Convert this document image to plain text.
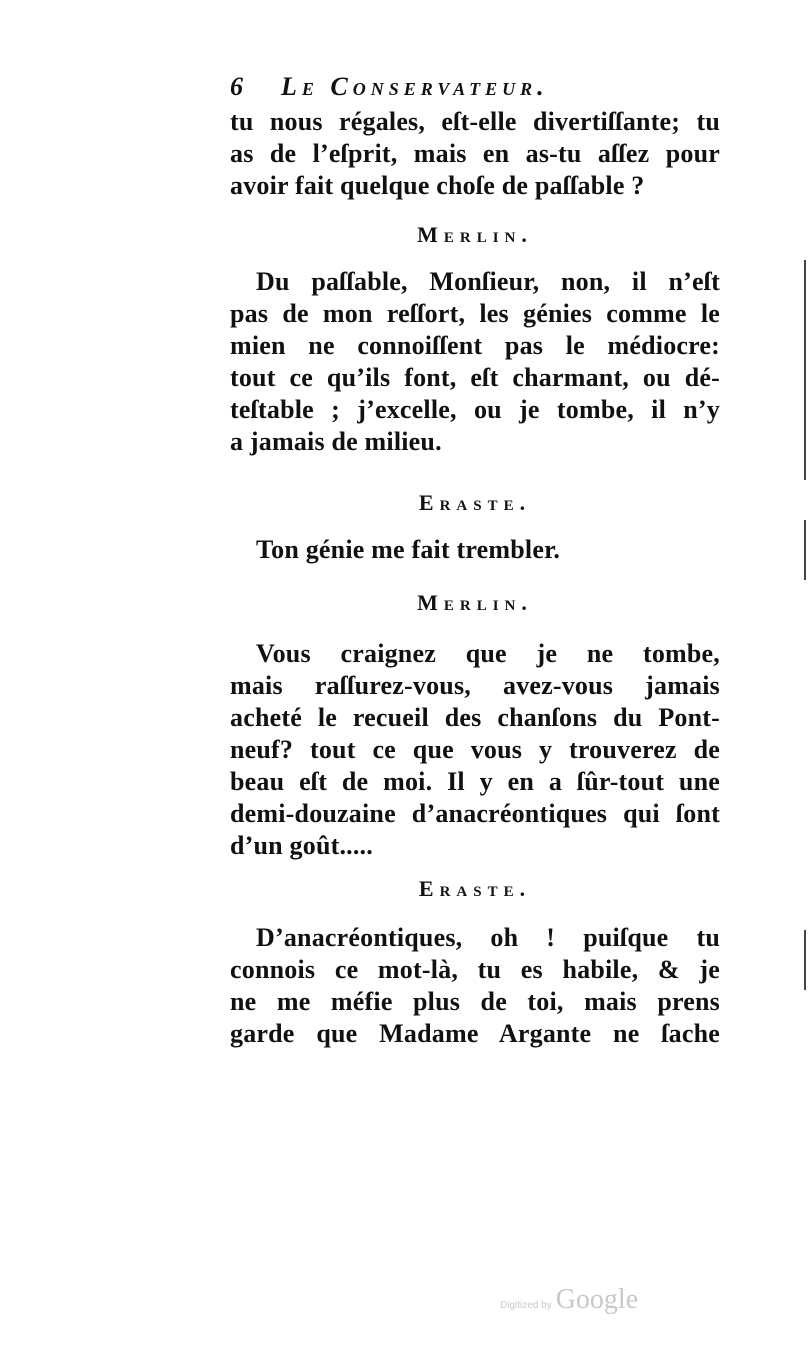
6 Le Conservateur.
tu nous régales, eſt-elle divertiſſante; tu
as de l’eſprit, mais en as-tu aſſez pour
avoir fait quelque choſe de paſſable ?
Merlin.
Du paſſable, Monſieur, non, il n’eſt
pas de mon reſſort, les génies comme le
mien ne connoiſſent pas le médiocre:
tout ce qu’ils font, eſt charmant, ou dé-
teſtable ; j’excelle, ou je tombe, il n’y
a jamais de milieu.
Eraste.
Ton génie me fait trembler.
Merlin.
Vous craignez que je ne tombe,
mais raſſurez-vous, avez-vous jamais
acheté le recueil des chanſons du Pont-
neuf? tout ce que vous y trouverez de
beau eſt de moi. Il y en a ſûr-tout une
demi-douzaine d’anacréontiques qui ſont
d’un goût.....
Eraste.
D’anacréontiques, oh ! puiſque tu
connois ce mot-là, tu es habile, & je
ne me méfie plus de toi, mais prens
garde que Madame Argante ne ſache
Digitized by Google
